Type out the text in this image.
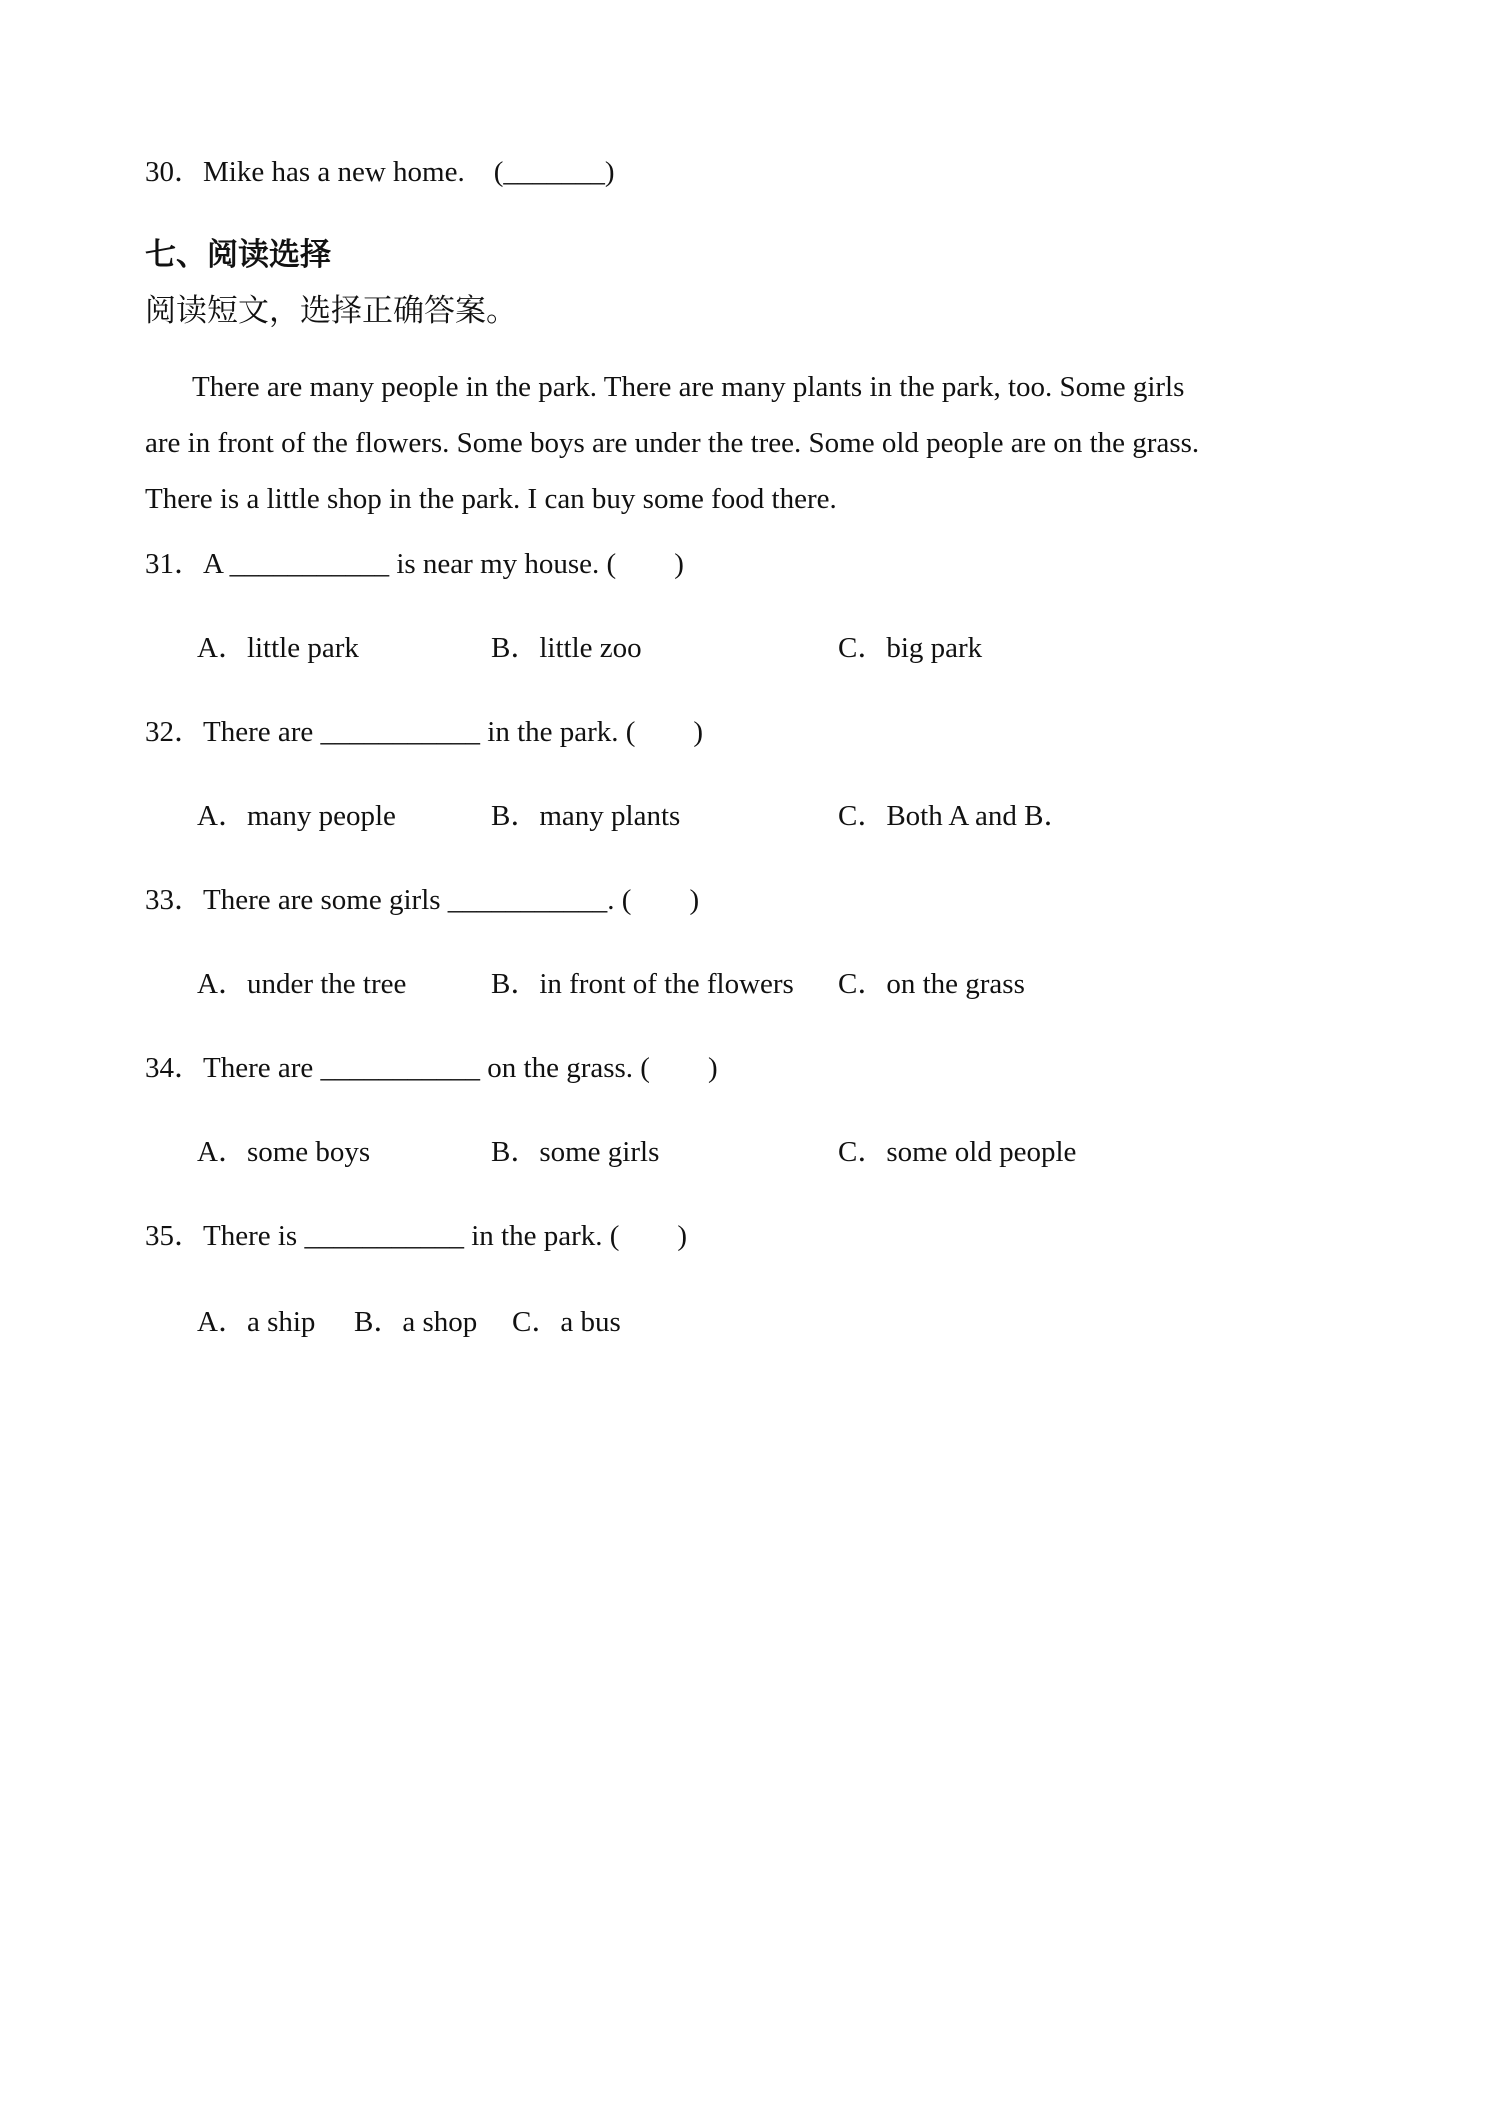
30．Mike has a new home.    (_______)
七、阅读选择
阅读短文，选择正确答案。
There are many people in the park. There are many plants in the park, too. Some girls
are in front of the flowers. Some boys are under the tree. Some old people are on the grass.
There is a little shop in the park. I can buy some food there.
31．A ___________ is near my house. (        )
A．little park	B．little zoo	C．big park
32．There are ___________ in the park. (        )
A．many people	B．many plants	C．Both A and B．
33．There are some girls ___________. (        )
A．under the tree	B．in front of the flowers C．on the grass
34．There are ___________ on the grass. (        )
A．some boys	B．some girls	C．some old people
35．There is ___________ in the park. (        )
A．a ship B．a shop C．a bus
